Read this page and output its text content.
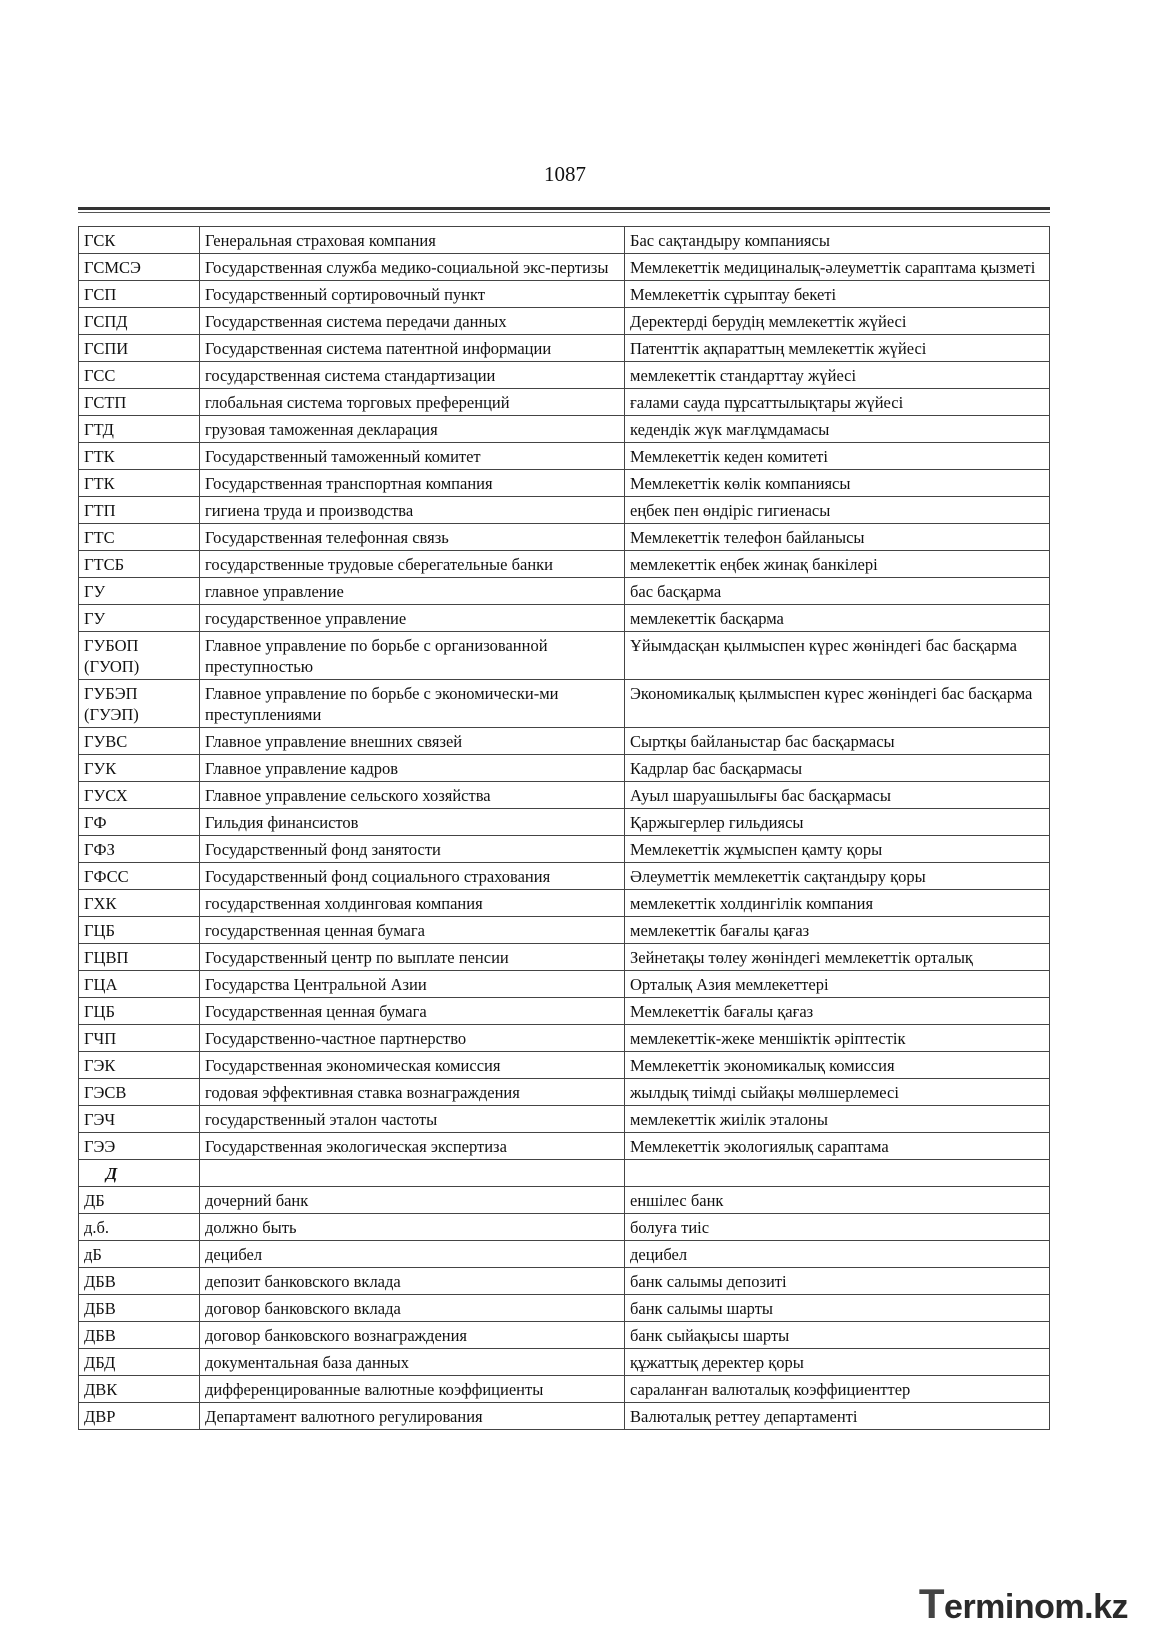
1087
ГСК	Генеральная страховая компания	Бас сақтандыру компаниясы
ГСМСЭ	Государственная служба медико-социальной экс-пертизы	Мемлекеттік медициналық-әлеуметтік сараптама қызметі
ГСП	Государственный сортировочный пункт	Мемлекеттік сұрыптау бекеті
ГСПД	Государственная система передачи данных	Деректерді берудің мемлекеттік жүйесі
ГСПИ	Государственная система патентной информации	Патенттік ақпараттың мемлекеттік жүйесі
ГСС	государственная система стандартизации	мемлекеттік стандарттау жүйесі
ГСТП	глобальная система торговых преференций	ғалами сауда пұрсаттылықтары жүйесі
ГТД	грузовая таможенная декларация	кедендік жүк мағлұмдамасы
ГТК	Государственный таможенный комитет	Мемлекеттік кеден комитеті
ГТК	Государственная транспортная компания	Мемлекеттік көлік компаниясы
ГТП	гигиена труда и производства	еңбек пен өндіріс гигиенасы
ГТС	Государственная телефонная связь	Мемлекеттік телефон байланысы
ГТСБ	государственные трудовые сберегательные банки	мемлекеттік еңбек жинақ банкілері
ГУ	главное управление	бас басқарма
ГУ	государственное управление	мемлекеттік басқарма
ГУБОП (ГУОП)	Главное управление по борьбе с организованной преступностью	Ұйымдасқан қылмыспен күрес жөніндегі бас басқарма
ГУБЭП (ГУЭП)	Главное управление по борьбе с экономически-ми преступлениями	Экономикалық қылмыспен күрес жөніндегі бас басқарма
ГУВС	Главное управление внешних связей	Сыртқы байланыстар бас басқармасы
ГУК	Главное управление кадров	Кадрлар бас басқармасы
ГУСХ	Главное управление сельского хозяйства	Ауыл шаруашылығы бас басқармасы
ГФ	Гильдия финансистов	Қаржыгерлер гильдиясы
ГФЗ	Государственный фонд занятости	Мемлекеттік жұмыспен қамту қоры
ГФСС	Государственный фонд социального страхования	Әлеуметтік мемлекеттік сақтандыру қоры
ГХК	государственная холдинговая компания	мемлекеттік холдингілік компания
ГЦБ	государственная ценная бумага	мемлекеттік бағалы қағаз
ГЦВП	Государственный центр по выплате пенсии	Зейнетақы төлеу жөніндегі мемлекеттік орталық
ГЦА	Государства Центральной Азии	Орталық Азия мемлекеттері
ГЦБ	Государственная ценная бумага	Мемлекеттік бағалы қағаз
ГЧП	Государственно-частное партнерство	мемлекеттік-жеке меншіктік әріптестік
ГЭК	Государственная экономическая комиссия	Мемлекеттік экономикалық комиссия
ГЭСВ	годовая эффективная ставка вознаграждения	жылдық тиімді сыйақы мөлшерлемесі
ГЭЧ	государственный эталон частоты	мемлекеттік жиілік эталоны
ГЭЭ	Государственная экологическая экспертиза	Мемлекеттік экологиялық сараптама
Д		
ДБ	дочерний банк	еншілес банк
д.б.	должно быть	болуға тиіс
дБ	децибел	децибел
ДБВ	депозит банковского вклада	банк салымы депозиті
ДБВ	договор банковского вклада	банк салымы шарты
ДБВ	договор банковского вознаграждения	банк сыйақысы шарты
ДБД	документальная база данных	құжаттық деректер қоры
ДВК	дифференцированные валютные коэффициенты	сараланған валюталық коэффициенттер
ДВР	Департамент валютного регулирования	Валюталық реттеу департаменті
Terminom.kz
